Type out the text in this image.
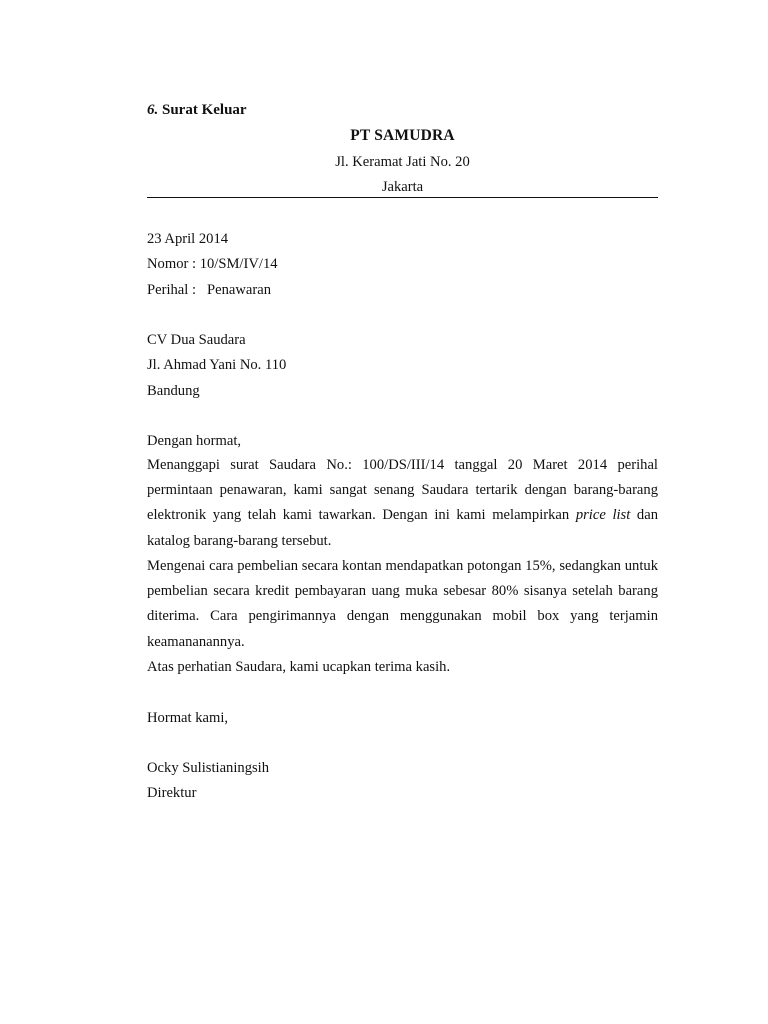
6. Surat Keluar
PT SAMUDRA
Jl. Keramat Jati No. 20
Jakarta
23 April 2014
Nomor : 10/SM/IV/14
Perihal :   Penawaran
CV Dua Saudara
Jl. Ahmad Yani No. 110
Bandung
Dengan hormat,
Menanggapi surat Saudara No.: 100/DS/III/14 tanggal 20 Maret 2014 perihal permintaan penawaran, kami sangat senang Saudara tertarik dengan barang-barang elektronik yang telah kami tawarkan. Dengan ini kami melampirkan price list dan katalog barang-barang tersebut.
Mengenai cara pembelian secara kontan mendapatkan potongan 15%, sedangkan untuk pembelian secara kredit pembayaran uang muka sebesar 80% sisanya setelah barang diterima. Cara pengirimannya dengan menggunakan mobil box yang terjamin keamananannya.
Atas perhatian Saudara, kami ucapkan terima kasih.
Hormat kami,
Ocky Sulistianingsih
Direktur
